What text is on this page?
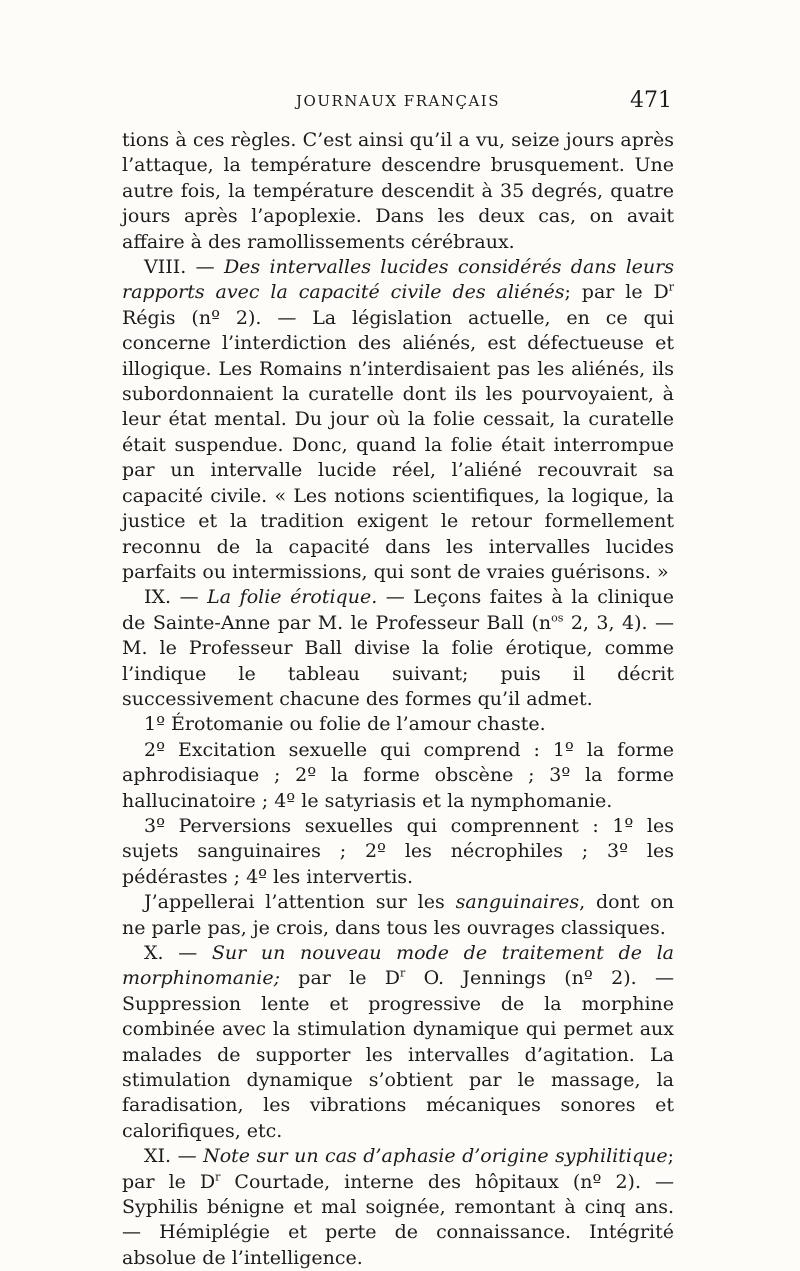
JOURNAUX FRANÇAIS	471

tions à ces règles. C’est ainsi qu’il a vu, seize jours après l’attaque, la température descendre brusquement. Une autre fois, la température descendit à 35 degrés, quatre jours après l’apoplexie. Dans les deux cas, on avait affaire à des ramollissements cérébraux.

VIII. — Des intervalles lucides considérés dans leurs rapports avec la capacité civile des aliénés; par le $D^r$ Régis (nº 2). — La législation actuelle, en ce qui concerne l’interdiction des aliénés, est défectueuse et illogique. Les Romains n’interdisaient pas les aliénés, ils subordonnaient la curatelle dont ils les pourvoyaient, à leur état mental. Du jour où la folie cessait, la curatelle était suspendue. Donc, quand la folie était interrompue par un intervalle lucide réel, l’aliéné recouvrait sa capacité civile. « Les notions scientifiques, la logique, la justice et la tradition exigent le retour formellement reconnu de la capacité dans les intervalles lucides parfaits ou intermissions, qui sont de vraies guérisons. »

IX. — La folie érotique. — Leçons faites à la clinique de Sainte-Anne par M. le Professeur Ball ($n^{os}$ 2, 3, 4). — M. le Professeur Ball divise la folie érotique, comme l’indique le tableau suivant; puis il décrit successivement chacune des formes qu’il admet.

1º Érotomanie ou folie de l’amour chaste.

2º Excitation sexuelle qui comprend : 1º la forme aphrodisiaque ; 2º la forme obscène ; 3º la forme hallucinatoire ; 4º le satyriasis et la nymphomanie.

3º Perversions sexuelles qui comprennent : 1º les sujets sanguinaires ; 2º les nécrophiles ; 3º les pédérastes ; 4º les intervertis.

J’appellerai l’attention sur les sanguinaires, dont on ne parle pas, je crois, dans tous les ouvrages classiques.

X. — Sur un nouveau mode de traitement de la morphinomanie; par le $D^r$ O. Jennings (nº 2). — Suppression lente et progressive de la morphine combinée avec la stimulation dynamique qui permet aux malades de supporter les intervalles d’agitation. La stimulation dynamique s’obtient par le massage, la faradisation, les vibrations mécaniques sonores et calorifiques, etc.

XI. — Note sur un cas d’aphasie d’origine syphilitique; par le $D^r$ Courtade, interne des hôpitaux (nº 2). — Syphilis bénigne et mal soignée, remontant à cinq ans. — Hémiplégie et perte de connaissance. Intégrité absolue de l’intelligence.
